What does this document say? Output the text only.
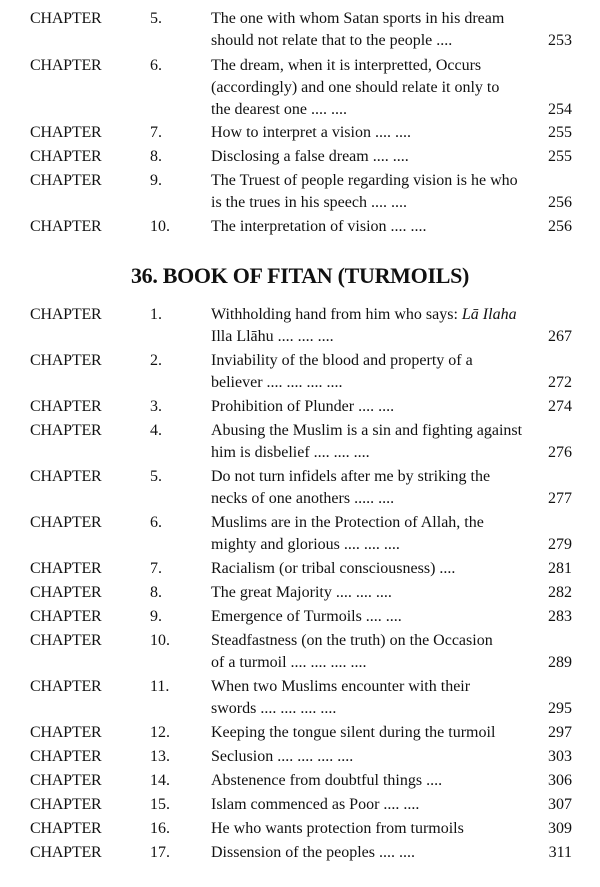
CHAPTER	5.	The one with whom Satan sports in his dream
should not relate that to the people ....	253
CHAPTER	6.	The dream, when it is interpretted, Occurs
(accordingly) and one should relate it only to
the dearest one .... ....	254
CHAPTER	7.	How to interpret a vision .... ....	255
CHAPTER	8.	Disclosing a false dream .... ....	255
CHAPTER	9.	The Truest of people regarding vision is he who
is the trues in his speech .... ....	256
CHAPTER	10.	The interpretation of vision .... ....	256
36. BOOK OF FITAN (TURMOILS)
CHAPTER	1.	Withholding hand from him who says: Lā Ilaha
Illa Llāhu .... .... ....	267
CHAPTER	2.	Inviability of the blood and property of a
believer .... .... .... ....	272
CHAPTER	3.	Prohibition of Plunder .... ....	274
CHAPTER	4.	Abusing the Muslim is a sin and fighting against
him is disbelief .... .... ....	276
CHAPTER	5.	Do not turn infidels after me by striking the
necks of one anothers ..... ....	277
CHAPTER	6.	Muslims are in the Protection of Allah, the
mighty and glorious .... .... ....	279
CHAPTER	7.	Racialism (or tribal consciousness) ....	281
CHAPTER	8.	The great Majority .... .... ....	282
CHAPTER	9.	Emergence of Turmoils .... ....	283
CHAPTER	10.	Steadfastness (on the truth) on the Occasion
of a turmoil .... .... .... ....	289
CHAPTER	11.	When two Muslims encounter with their
swords .... .... .... ....	295
CHAPTER	12.	Keeping the tongue silent during the turmoil	297
CHAPTER	13.	Seclusion .... .... .... ....	303
CHAPTER	14.	Abstenence from doubtful things ....	306
CHAPTER	15.	Islam commenced as Poor .... ....	307
CHAPTER	16.	He who wants protection from turmoils	309
CHAPTER	17.	Dissension of the peoples .... ....	311
